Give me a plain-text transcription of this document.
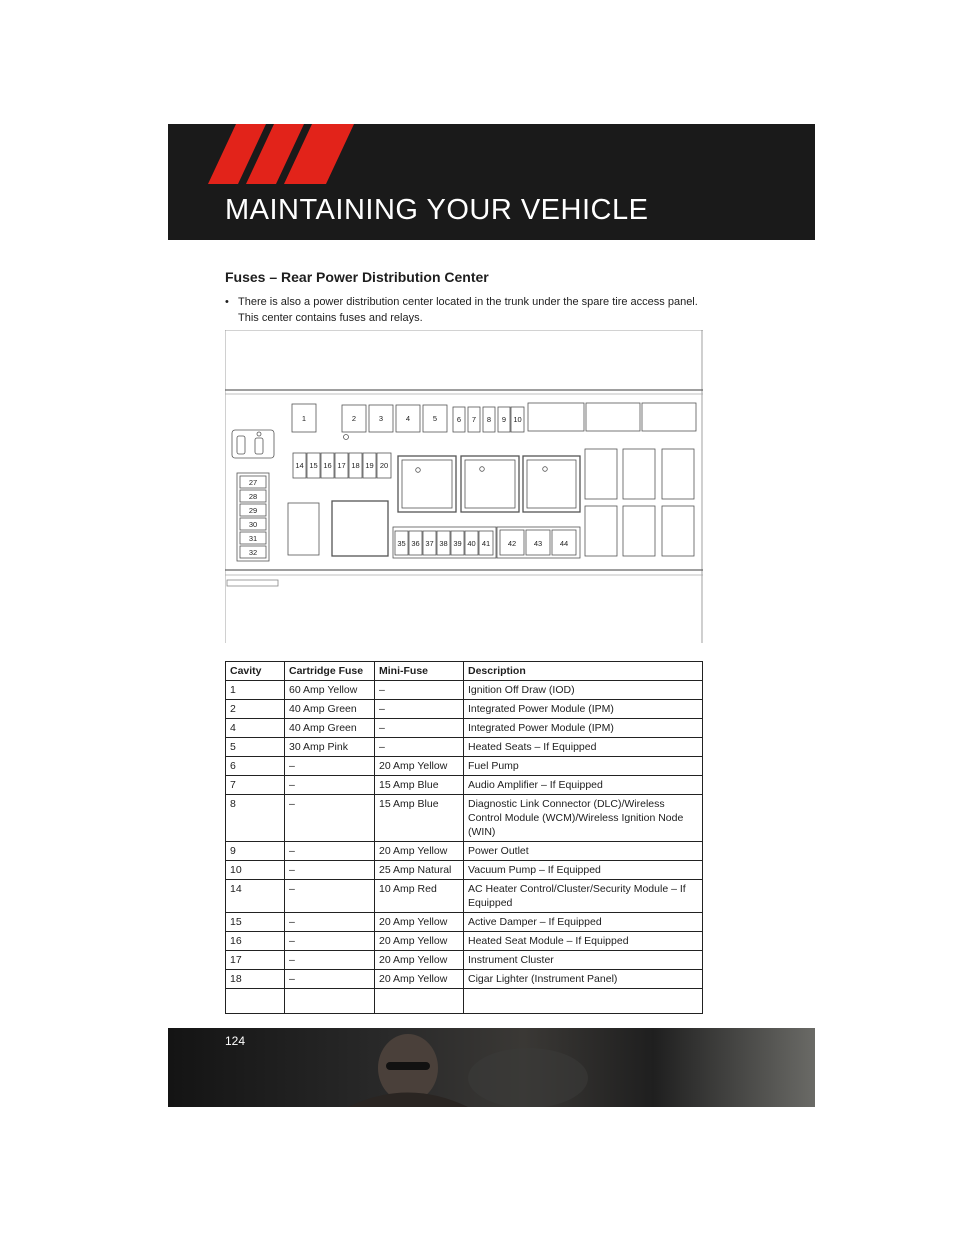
MAINTAINING YOUR VEHICLE
Fuses – Rear Power Distribution Center
• There is also a power distribution center located in the trunk under the spare tire access panel. This center contains fuses and relays.
1	2	3	4	5	6 7 8 9 10
14 15 16 17 18 19 20
27
28
29
30
31
32
35 36 37 38 39 40 41 42 43 44
Cavity	Cartridge Fuse	Mini-Fuse	Description
1	60 Amp Yellow	–	Ignition Off Draw (IOD)
2	40 Amp Green	–	Integrated Power Module (IPM)
4	40 Amp Green	–	Integrated Power Module (IPM)
5	30 Amp Pink	–	Heated Seats – If Equipped
6	–	20 Amp Yellow	Fuel Pump
7	–	15 Amp Blue	Audio Amplifier – If Equipped
8	–	15 Amp Blue	Diagnostic Link Connector (DLC)/Wireless Control Module (WCM)/Wireless Ignition Node (WIN)
9	–	20 Amp Yellow	Power Outlet
10	–	25 Amp Natural	Vacuum Pump – If Equipped
14	–	10 Amp Red	AC Heater Control/Cluster/Security Module – If Equipped
15	–	20 Amp Yellow	Active Damper – If Equipped
16	–	20 Amp Yellow	Heated Seat Module – If Equipped
17	–	20 Amp Yellow	Instrument Cluster
18	–	20 Amp Yellow	Cigar Lighter (Instrument Panel)

124
